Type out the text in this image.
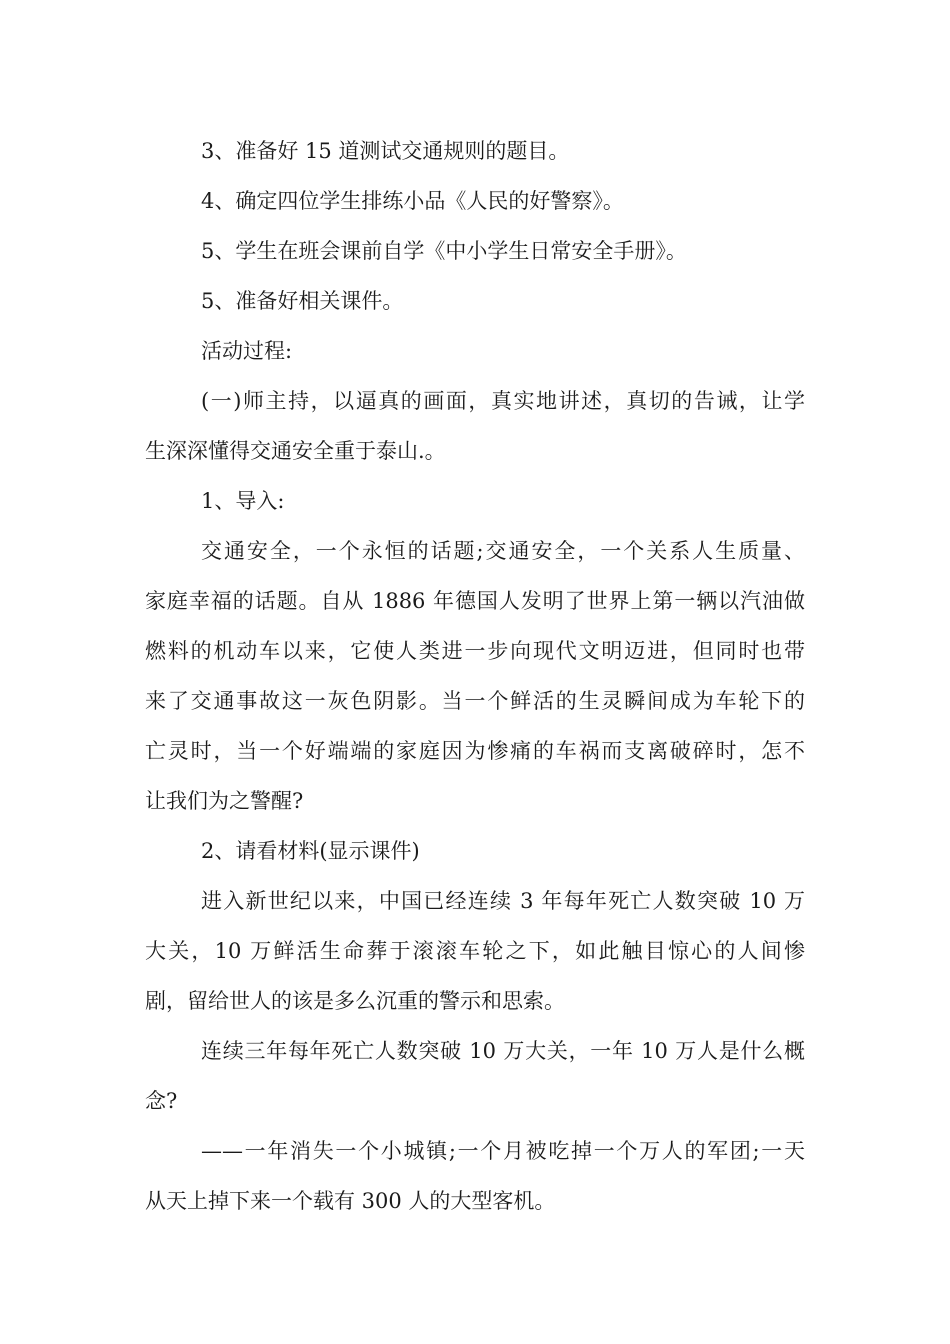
3、准备好 15 道测试交通规则的题目。
4、确定四位学生排练小品《人民的好警察》。
5、学生在班会课前自学《中小学生日常安全手册》。
5、准备好相关课件。
活动过程:
(一)师主持，以逼真的画面，真实地讲述，真切的告诫，让学
生深深懂得交通安全重于泰山.。
1、导入:
交通安全，一个永恒的话题;交通安全，一个关系人生质量、
家庭幸福的话题。自从 1886 年德国人发明了世界上第一辆以汽油做
燃料的机动车以来，它使人类进一步向现代文明迈进，但同时也带
来了交通事故这一灰色阴影。当一个鲜活的生灵瞬间成为车轮下的
亡灵时，当一个好端端的家庭因为惨痛的车祸而支离破碎时，怎不
让我们为之警醒?
2、请看材料(显示课件)
进入新世纪以来，中国已经连续 3 年每年死亡人数突破 10 万
大关，10 万鲜活生命葬于滚滚车轮之下，如此触目惊心的人间惨
剧，留给世人的该是多么沉重的警示和思索。
连续三年每年死亡人数突破 10 万大关，一年 10 万人是什么概
念?
——一年消失一个小城镇;一个月被吃掉一个万人的军团;一天
从天上掉下来一个载有 300 人的大型客机。
